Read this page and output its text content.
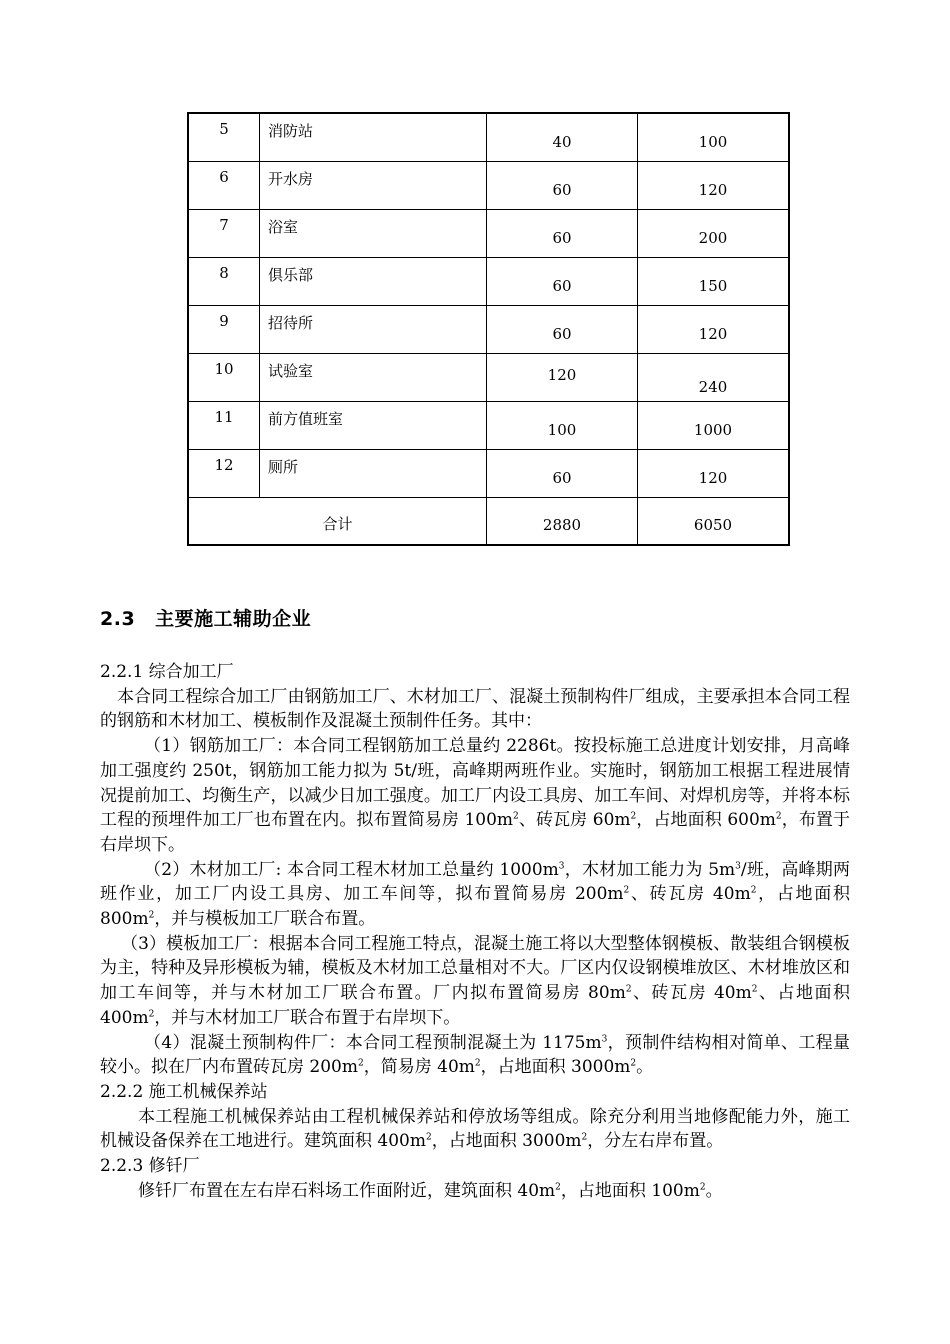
5	消防站	40	100

6	开水房	60	120

7	浴室	60	200

8	俱乐部	60	150

9	招待所	60	120

10	试验室	120	240

11	前方值班室	100	1000

12	厕所	60	120

合计		2880	6050
2.3 主要施工辅助企业

2.2.1 综合加工厂

本合同工程综合加工厂由钢筋加工厂、木材加工厂、混凝土预制构件厂组成，主要承担本合同工程的钢筋和木材加工、模板制作及混凝土预制件任务。其中：

（1）钢筋加工厂：本合同工程钢筋加工总量约 2286t。按投标施工总进度计划安排，月高峰加工强度约 250t，钢筋加工能力拟为 5t/班，高峰期两班作业。实施时，钢筋加工根据工程进展情况提前加工、均衡生产，以减少日加工强度。加工厂内设工具房、加工车间、对焊机房等，并将本标工程的预埋件加工厂也布置在内。拟布置简易房 $100m^2$、砖瓦房 $60m^2$，占地面积 $600m^2$，布置于右岸坝下。

（2）木材加工厂: 本合同工程木材加工总量约 $1000m^3$，木材加工能力为 $5m^3/$班，高峰期两班作业，加工厂内设工具房、加工车间等，拟布置简易房 $200m^2$、砖瓦房 $40m^2$，占地面积 $800m^2$，并与模板加工厂联合布置。

（3）模板加工厂：根据本合同工程施工特点，混凝土施工将以大型整体钢模板、散装组合钢模板为主，特种及异形模板为辅，模板及木材加工总量相对不大。厂区内仅设钢模堆放区、木材堆放区和加工车间等，并与木材加工厂联合布置。厂内拟布置简易房 $80m^2$、砖瓦房 $40m^2$、占地面积 $400m^2$，并与木材加工厂联合布置于右岸坝下。

（4）混凝土预制构件厂：本合同工程预制混凝土为 $1175m^3$，预制件结构相对简单、工程量较小。拟在厂内布置砖瓦房 $200m^2$，简易房 $40m^2$，占地面积 $3000m^2$。

2.2.2 施工机械保养站

本工程施工机械保养站由工程机械保养站和停放场等组成。除充分利用当地修配能力外，施工机械设备保养在工地进行。建筑面积 $400m^2$，占地面积 $3000m^2$，分左右岸布置。

2.2.3 修钎厂

修钎厂布置在左右岸石料场工作面附近，建筑面积 $40m^2$，占地面积 $100m^2$。
